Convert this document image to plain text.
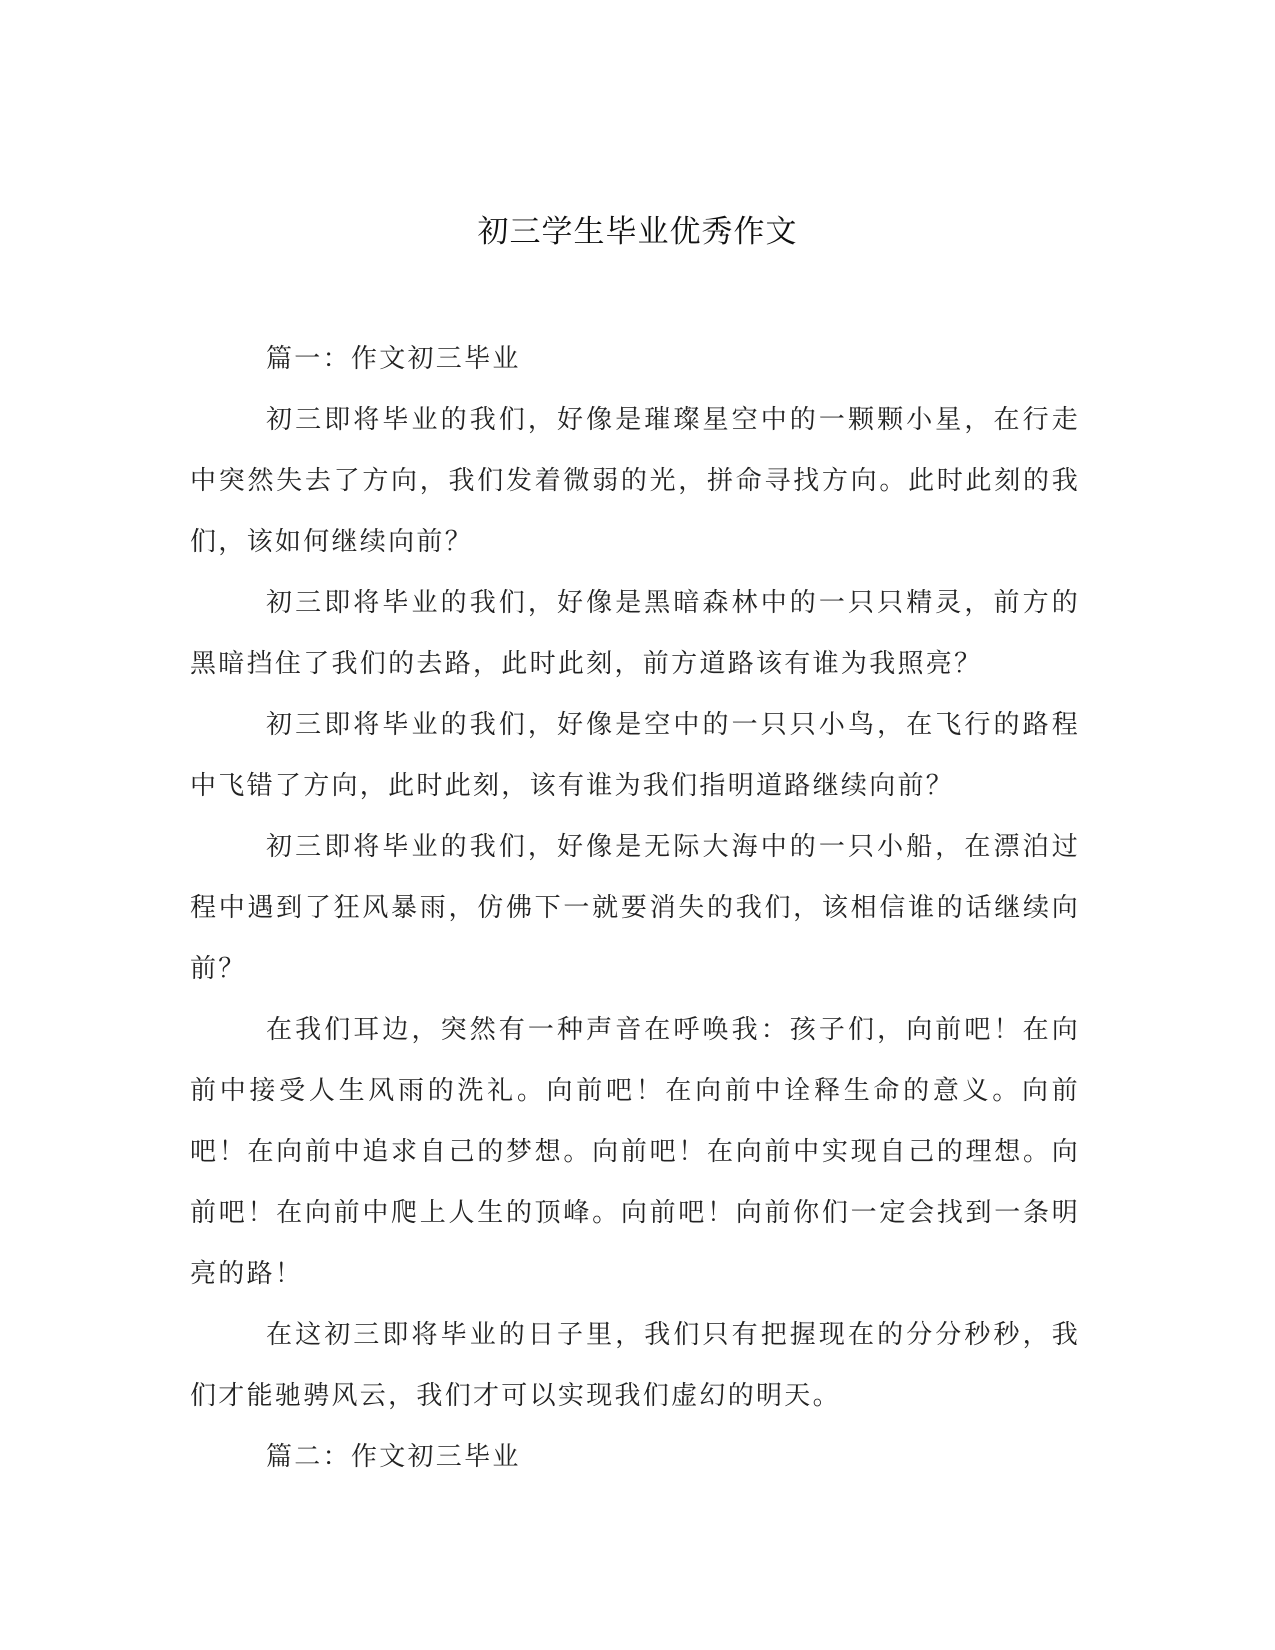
初三学生毕业优秀作文

篇一：作文初三毕业

初三即将毕业的我们，好像是璀璨星空中的一颗颗小星，在行走中突然失去了方向，我们发着微弱的光，拼命寻找方向。此时此刻的我们，该如何继续向前？

初三即将毕业的我们，好像是黑暗森林中的一只只精灵，前方的黑暗挡住了我们的去路，此时此刻，前方道路该有谁为我照亮？

初三即将毕业的我们，好像是空中的一只只小鸟，在飞行的路程中飞错了方向，此时此刻，该有谁为我们指明道路继续向前？

初三即将毕业的我们，好像是无际大海中的一只小船，在漂泊过程中遇到了狂风暴雨，仿佛下一就要消失的我们，该相信谁的话继续向前？

在我们耳边，突然有一种声音在呼唤我：孩子们，向前吧！在向前中接受人生风雨的洗礼。向前吧！在向前中诠释生命的意义。向前吧！在向前中追求自己的梦想。向前吧！在向前中实现自己的理想。向前吧！在向前中爬上人生的顶峰。向前吧！向前你们一定会找到一条明亮的路！

在这初三即将毕业的日子里，我们只有把握现在的分分秒秒，我们才能驰骋风云，我们才可以实现我们虚幻的明天。

篇二：作文初三毕业
